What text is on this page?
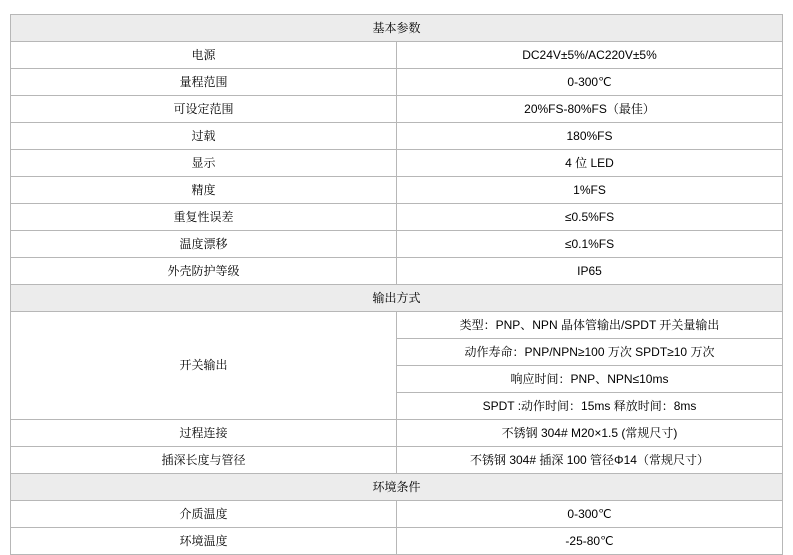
基本参数	
电源	DC24V±5%/AC220V±5%
量程范围	0-300℃
可设定范围	20%FS-80%FS（最佳）
过载	180%FS
显示	4 位 LED
精度	1%FS
重复性误差	≤0.5%FS
温度漂移	≤0.1%FS
外壳防护等级	IP65
输出方式	
开关输出	类型：PNP、NPN 晶体管输出/SPDT 开关量输出
	动作寿命：PNP/NPN≥100 万次 SPDT≥10 万次
	响应时间：PNP、NPN≤10ms
	SPDT :动作时间：15ms 释放时间：8ms
过程连接	不锈钢 304# M20×1.5 (常规尺寸)
插深长度与管径	不锈钢 304# 插深 100 管径Φ14（常规尺寸）
环境条件	
介质温度	0-300℃
环境温度	-25-80℃
